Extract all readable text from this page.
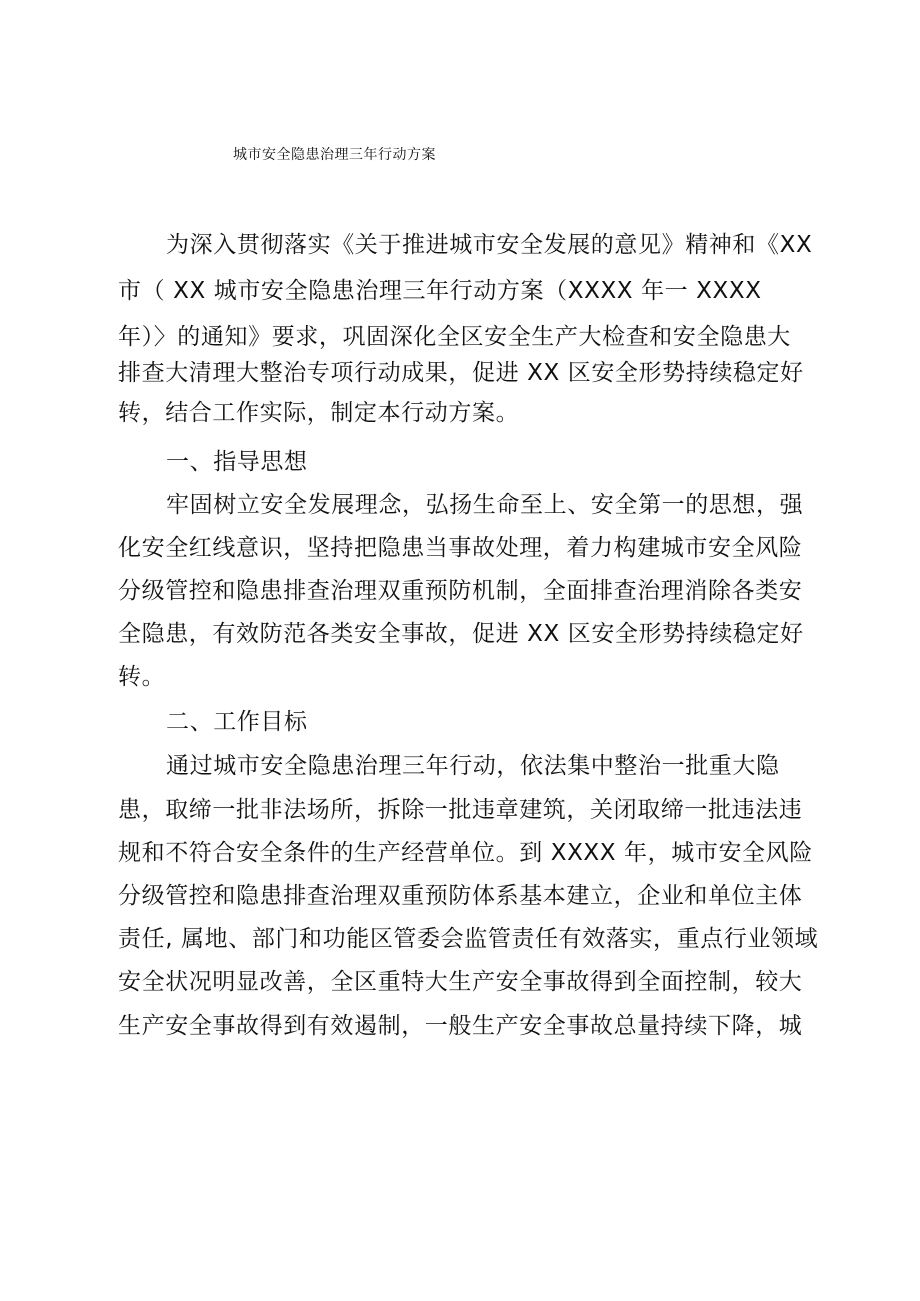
城市安全隐患治理三年行动方案
为深入贯彻落实《关于推进城市安全发展的意见》精神和《XX
市（ XX 城市安全隐患治理三年行动方案（XXXX 年一 XXXX
年）〉的通知》要求，巩固深化全区安全生产大检查和安全隐患大
排查大清理大整治专项行动成果，促进 XX 区安全形势持续稳定好
转，结合工作实际，制定本行动方案。
一、指导思想
牢固树立安全发展理念，弘扬生命至上、安全第一的思想，强
化安全红线意识，坚持把隐患当事故处理，着力构建城市安全风险
分级管控和隐患排查治理双重预防机制，全面排查治理消除各类安
全隐患，有效防范各类安全事故，促进 XX 区安全形势持续稳定好
转。
二、工作目标
通过城市安全隐患治理三年行动，依法集中整治一批重大隐
患，取缔一批非法场所，拆除一批违章建筑，关闭取缔一批违法违
规和不符合安全条件的生产经营单位。到 XXXX 年，城市安全风险
分级管控和隐患排查治理双重预防体系基本建立，企业和单位主体
责任, 属地、部门和功能区管委会监管责任有效落实，重点行业领域
安全状况明显改善，全区重特大生产安全事故得到全面控制，较大
生产安全事故得到有效遏制，一般生产安全事故总量持续下降，城
